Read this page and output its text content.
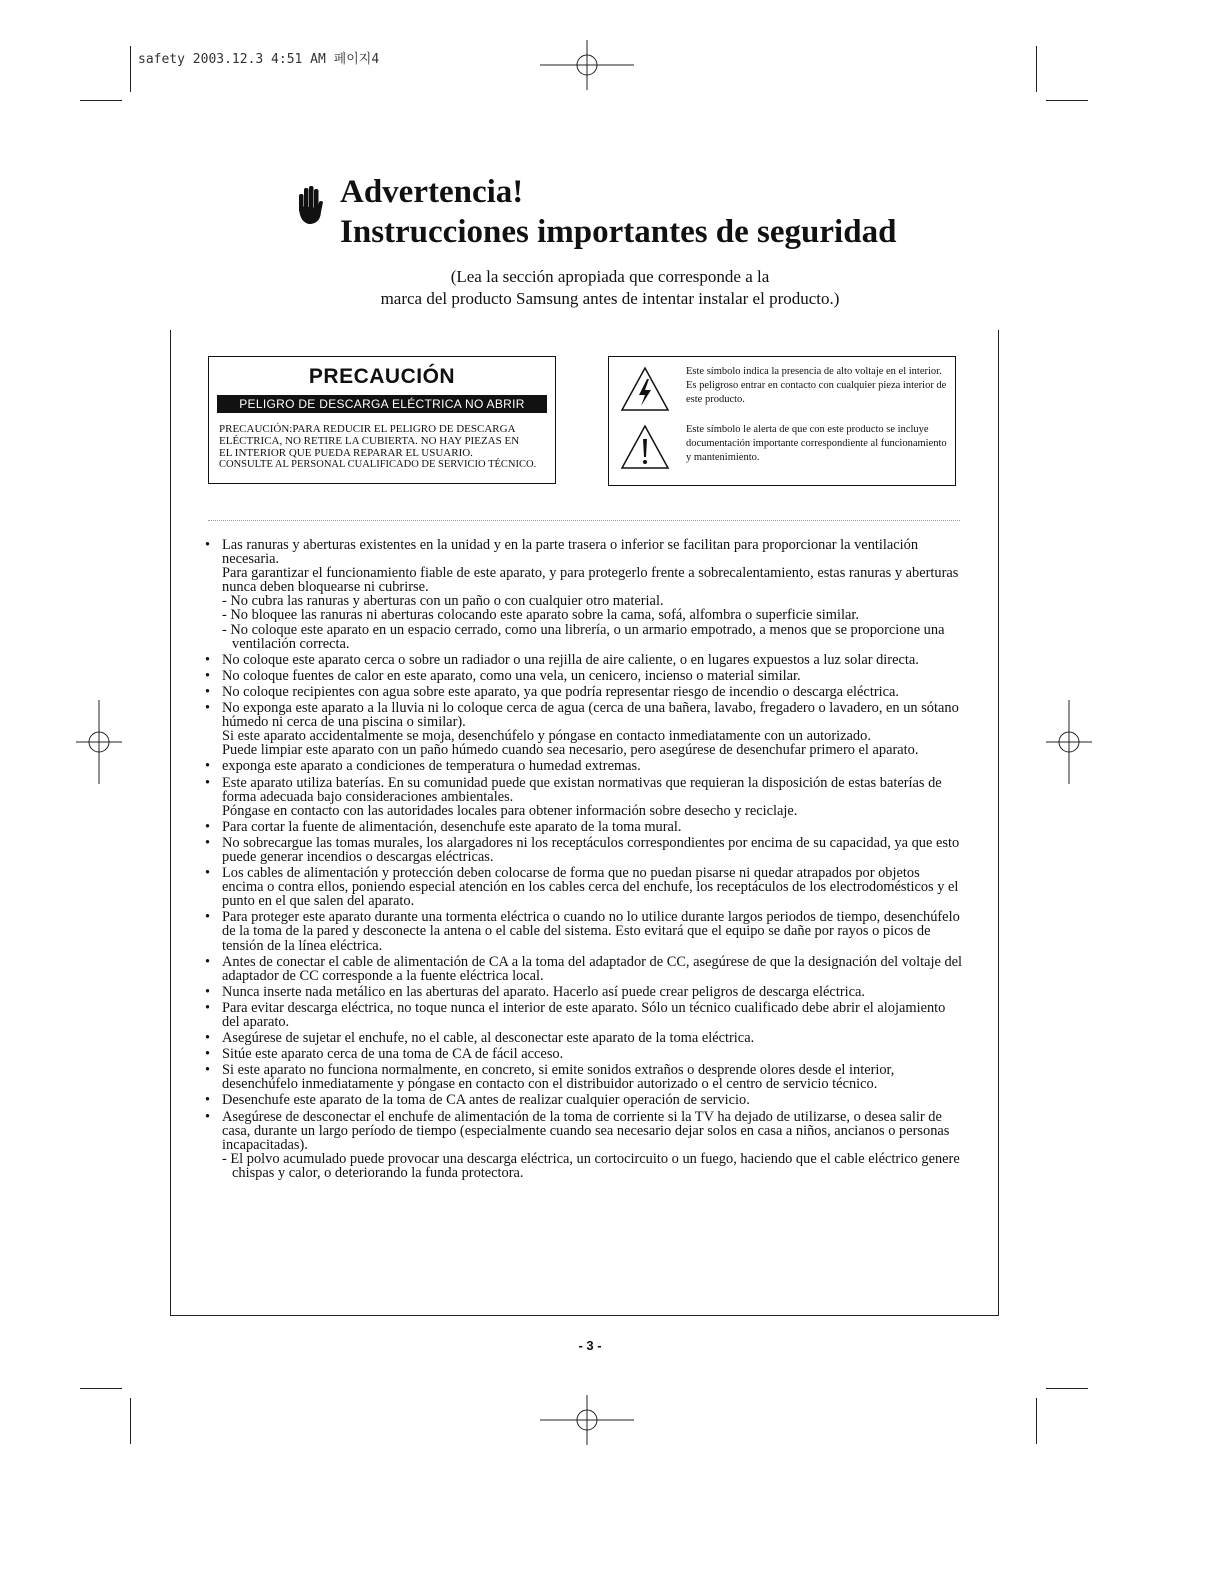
safety 2003.12.3 4:51 AM 페이지4
Advertencia!
Instrucciones importantes de seguridad
(Lea la sección apropiada que corresponde a la
marca del producto Samsung antes de intentar instalar el producto.)
PRECAUCIÓN
PELIGRO DE DESCARGA ELÉCTRICA NO ABRIR
PRECAUCIÓN:PARA REDUCIR EL PELIGRO DE DESCARGA
ELÉCTRICA, NO RETIRE LA CUBIERTA. NO HAY PIEZAS EN
EL INTERIOR QUE PUEDA REPARAR EL USUARIO.
CONSULTE AL PERSONAL CUALIFICADO DE SERVICIO TÉCNICO.
Este símbolo indica la presencia de alto voltaje en el interior. Es peligroso entrar en contacto con cualquier pieza interior de este producto.
Este símbolo le alerta de que con este producto se incluye documentación importante correspondiente al funcionamiento y mantenimiento.
• Las ranuras y aberturas existentes en la unidad y en la parte trasera o inferior se facilitan para proporcionar la ventilación necesaria.

Para garantizar el funcionamiento fiable de este aparato, y para protegerlo frente a sobrecalentamiento, estas ranuras y aberturas nunca deben bloquearse ni cubrirse.

- No cubra las ranuras y aberturas con un paño o con cualquier otro material.

- No bloquee las ranuras ni aberturas colocando este aparato sobre la cama, sofá, alfombra o superficie similar.

- No coloque este aparato en un espacio cerrado, como una librería, o un armario empotrado, a menos que se proporcione una ventilación correcta.

• No coloque este aparato cerca o sobre un radiador o una rejilla de aire caliente, o en lugares expuestos a luz solar directa.

• No coloque fuentes de calor en este aparato, como una vela, un cenicero, incienso o material similar.

• No coloque recipientes con agua sobre este aparato, ya que podría representar riesgo de incendio o descarga eléctrica.

• No exponga este aparato a la lluvia ni lo coloque cerca de agua (cerca de una bañera, lavabo, fregadero o lavadero, en un sótano húmedo ni cerca de una piscina o similar).

Si este aparato accidentalmente se moja, desenchúfelo y póngase en contacto inmediatamente con un autorizado.

Puede limpiar este aparato con un paño húmedo cuando sea necesario, pero asegúrese de desenchufar primero el aparato.

• exponga este aparato a condiciones de temperatura o humedad extremas.

• Este aparato utiliza baterías. En su comunidad puede que existan normativas que requieran la disposición de estas baterías de forma adecuada bajo consideraciones ambientales.

Póngase en contacto con las autoridades locales para obtener información sobre desecho y reciclaje.

• Para cortar la fuente de alimentación, desenchufe este aparato de la toma mural.

• No sobrecargue las tomas murales, los alargadores ni los receptáculos correspondientes por encima de su capacidad, ya que esto puede generar incendios o descargas eléctricas.

• Los cables de alimentación y protección deben colocarse de forma que no puedan pisarse ni quedar atrapados por objetos encima o contra ellos, poniendo especial atención en los cables cerca del enchufe, los receptáculos de los electrodomésticos y el punto en el que salen del aparato.

• Para proteger este aparato durante una tormenta eléctrica o cuando no lo utilice durante largos periodos de tiempo, desenchúfelo de la toma de la pared y desconecte la antena o el cable del sistema. Esto evitará que el equipo se dañe por rayos o picos de tensión de la línea eléctrica.

• Antes de conectar el cable de alimentación de CA a la toma del adaptador de CC, asegúrese de que la designación del voltaje del adaptador de CC corresponde a la fuente eléctrica local.

• Nunca inserte nada metálico en las aberturas del aparato. Hacerlo así puede crear peligros de descarga eléctrica.

• Para evitar descarga eléctrica, no toque nunca el interior de este aparato. Sólo un técnico cualificado debe abrir el alojamiento del aparato.

• Asegúrese de sujetar el enchufe, no el cable, al desconectar este aparato de la toma eléctrica.

• Sitúe este aparato cerca de una toma de CA de fácil acceso.

• Si este aparato no funciona normalmente, en concreto, si emite sonidos extraños o desprende olores desde el interior, desenchúfelo inmediatamente y póngase en contacto con el distribuidor autorizado o el centro de servicio técnico.

• Desenchufe este aparato de la toma de CA antes de realizar cualquier operación de servicio.

• Asegúrese de desconectar el enchufe de alimentación de la toma de corriente si la TV ha dejado de utilizarse, o desea salir de casa, durante un largo período de tiempo (especialmente cuando sea necesario dejar solos en casa a niños, ancianos o personas incapacitadas).

- El polvo acumulado puede provocar una descarga eléctrica, un cortocircuito o un fuego, haciendo que el cable eléctrico genere chispas y calor, o deteriorando la funda protectora.

- 3 -
